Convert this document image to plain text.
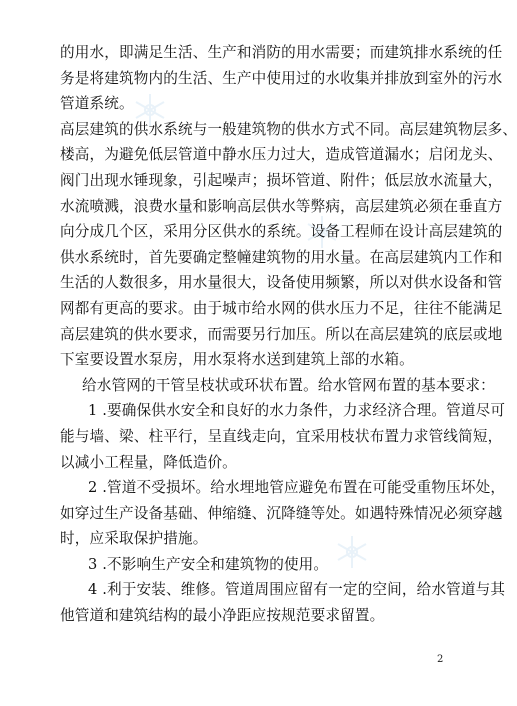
的用水，即满足生活、生产和消防的用水需要；而建筑排水系统的任
务是将建筑物内的生活、生产中使用过的水收集并排放到室外的污水
管道系统。
高层建筑的供水系统与一般建筑物的供水方式不同。高层建筑物层多、
楼高，为避免低层管道中静水压力过大，造成管道漏水；启闭龙头、
阀门出现水锤现象，引起噪声；损坏管道、附件；低层放水流量大，
水流喷溅，浪费水量和影响高层供水等弊病，高层建筑必须在垂直方
向分成几个区，采用分区供水的系统。设备工程师在设计高层建筑的
供水系统时，首先要确定整幢建筑物的用水量。在高层建筑内工作和
生活的人数很多，用水量很大，设备使用频繁，所以对供水设备和管
网都有更高的要求。由于城市给水网的供水压力不足，往往不能满足
高层建筑的供水要求，而需要另行加压。所以在高层建筑的底层或地
下室要设置水泵房，用水泵将水送到建筑上部的水箱。
给水管网的干管呈枝状或环状布置。给水管网布置的基本要求：
1 .要确保供水安全和良好的水力条件，力求经济合理。管道尽可
能与墙、梁、柱平行，呈直线走向，宜采用枝状布置力求管线简短，
以减小工程量，降低造价。
2 .管道不受损坏。给水埋地管应避免布置在可能受重物压坏处，
如穿过生产设备基础、伸缩缝、沉降缝等处。如遇特殊情况必须穿越
时，应采取保护措施。
3 .不影响生产安全和建筑物的使用。
4 .利于安装、维修。管道周围应留有一定的空间，给水管道与其
他管道和建筑结构的最小净距应按规范要求留置。
2
